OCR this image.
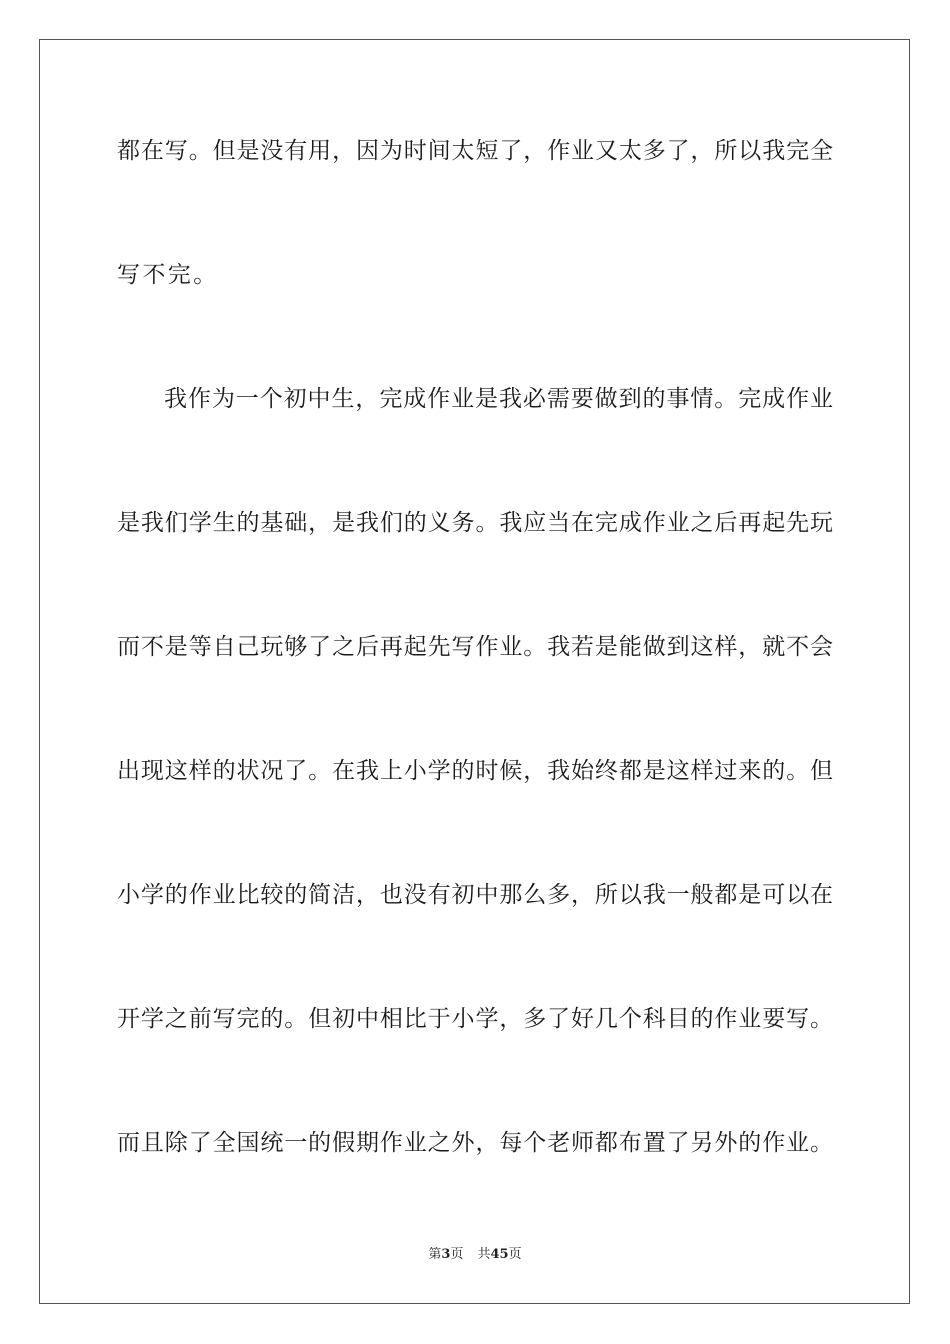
都在写。但是没有用，因为时间太短了，作业又太多了，所以我完全
写不完。
我作为一个初中生，完成作业是我必需要做到的事情。完成作业
是我们学生的基础，是我们的义务。我应当在完成作业之后再起先玩
而不是等自己玩够了之后再起先写作业。我若是能做到这样，就不会
出现这样的状况了。在我上小学的时候，我始终都是这样过来的。但
小学的作业比较的简洁，也没有初中那么多，所以我一般都是可以在
开学之前写完的。但初中相比于小学，多了好几个科目的作业要写。
而且除了全国统一的假期作业之外，每个老师都布置了另外的作业。
第3页 共45页
